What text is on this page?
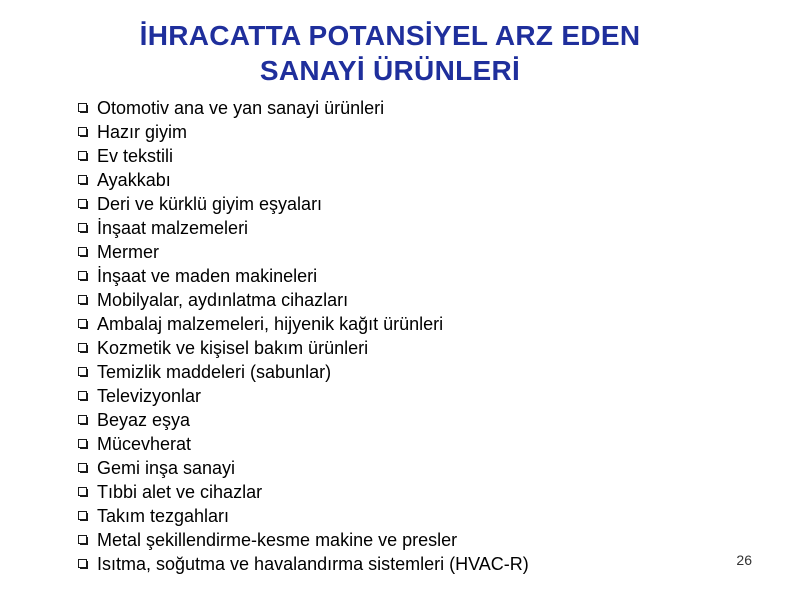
İHRACATTA POTANSİYEL ARZ EDEN
SANAYİ ÜRÜNLERİ
Otomotiv ana ve yan sanayi ürünleri
Hazır giyim
Ev tekstili
Ayakkabı
Deri ve kürklü giyim eşyaları
İnşaat malzemeleri
Mermer
İnşaat ve maden makineleri
Mobilyalar, aydınlatma cihazları
Ambalaj malzemeleri, hijyenik kağıt ürünleri
Kozmetik ve kişisel bakım ürünleri
Temizlik maddeleri (sabunlar)
Televizyonlar
Beyaz eşya
Mücevherat
Gemi inşa sanayi
Tıbbi alet ve cihazlar
Takım tezgahları
Metal şekillendirme-kesme makine ve presler
Isıtma, soğutma ve havalandırma sistemleri (HVAC-R)	26
